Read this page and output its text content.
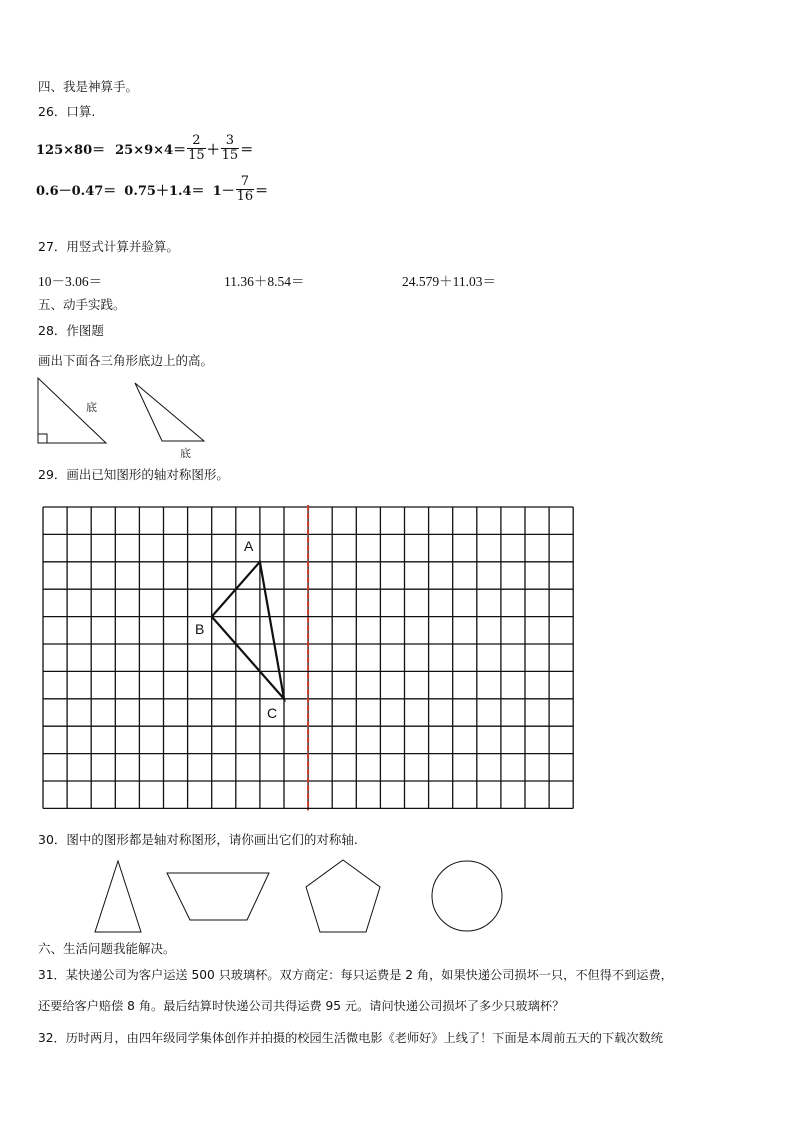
四、我是神算手。
26．口算.
$125\times 80= 25\times 9\times 4= \frac{2}{15} + \frac{3}{15}$ ＝
$0.6-0.47= 0.75+1.4= 1- \frac{7}{16}$ ＝
27．用竖式计算并验算。
10－3.06＝	11.36＋8.54＝	24.579＋11.03＝
五、动手实践。
28．作图题
画出下面各三角形底边上的高。
底
底
29．画出已知图形的轴对称图形。
A
B
C
30．图中的图形都是轴对称图形，请你画出它们的对称轴.
六、生活问题我能解决。
31．某快递公司为客户运送 500 只玻璃杯。双方商定：每只运费是 2 角，如果快递公司损坏一只，不但得不到运费，
还要给客户赔偿 8 角。最后结算时快递公司共得运费 95 元。请问快递公司损坏了多少只玻璃杯？
32．历时两月，由四年级同学集体创作并拍摄的校园生活微电影《老师好》上线了！下面是本周前五天的下载次数统
